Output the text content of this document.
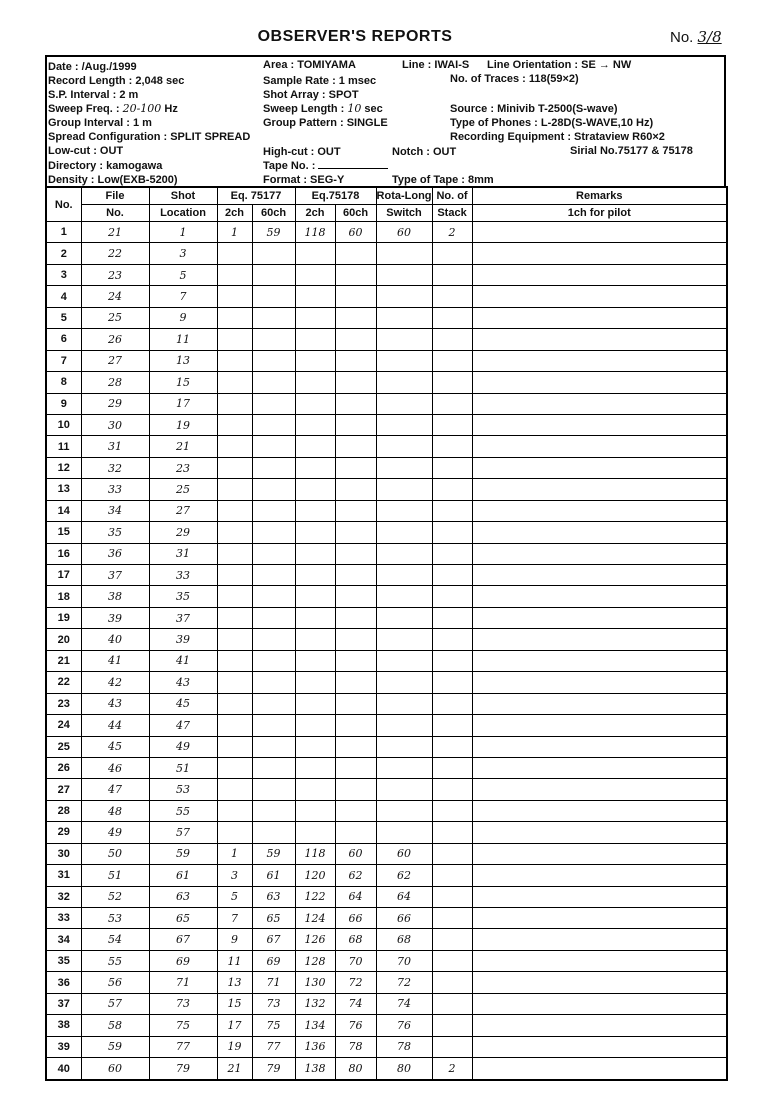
OBSERVER'S REPORTS	No. 3/8
Date : /Aug./1999
Record Length : 2,048 sec
S.P. Interval : 2 m
Sweep Freq. : 20-100 Hz
Group Interval : 1 m
Spread Configuration : SPLIT SPREAD
Low-cut : OUT
Directory : kamogawa
Density : Low(EXB-5200)
Area : TOMIYAMA
Sample Rate : 1 msec
Shot Array : SPOT
Sweep Length : 10 sec
Group Pattern : SINGLE
High-cut : OUT
Tape No. :
Format : SEG-Y
Line : IWAI-S Line Orientation : SE → NW
No. of Traces : 118(59×2)
Source : Minivib T-2500(S-wave)
Type of Phones : L-28D(S-WAVE,10 Hz)
Recording Equipment : Strataview R60×2
Notch : OUT	Sirial No.75177 & 75178
Type of Tape : 8mm
No.	File	Shot	Eq. 75177		Eq.75178		Rota-Long	No. of	Remarks
	No.	Location	2ch	60ch	2ch	60ch	Switch	Stack	1ch for pilot
1	21	1	1	59	118	60	60	2	
2	22	3							
3	23	5							
4	24	7							
5	25	9							
6	26	11							
7	27	13							
8	28	15							
9	29	17							
10	30	19							
11	31	21							
12	32	23							
13	33	25							
14	34	27							
15	35	29							
16	36	31							
17	37	33							
18	38	35							
19	39	37							
20	40	39							
21	41	41							
22	42	43							
23	43	45							
24	44	47							
25	45	49							
26	46	51							
27	47	53							
28	48	55							
29	49	57							
30	50	59	1	59	118	60	60		
31	51	61	3	61	120	62	62		
32	52	63	5	63	122	64	64		
33	53	65	7	65	124	66	66		
34	54	67	9	67	126	68	68		
35	55	69	11	69	128	70	70		
36	56	71	13	71	130	72	72		
37	57	73	15	73	132	74	74		
38	58	75	17	75	134	76	76		
39	59	77	19	77	136	78	78		
40	60	79	21	79	138	80	80	2	
